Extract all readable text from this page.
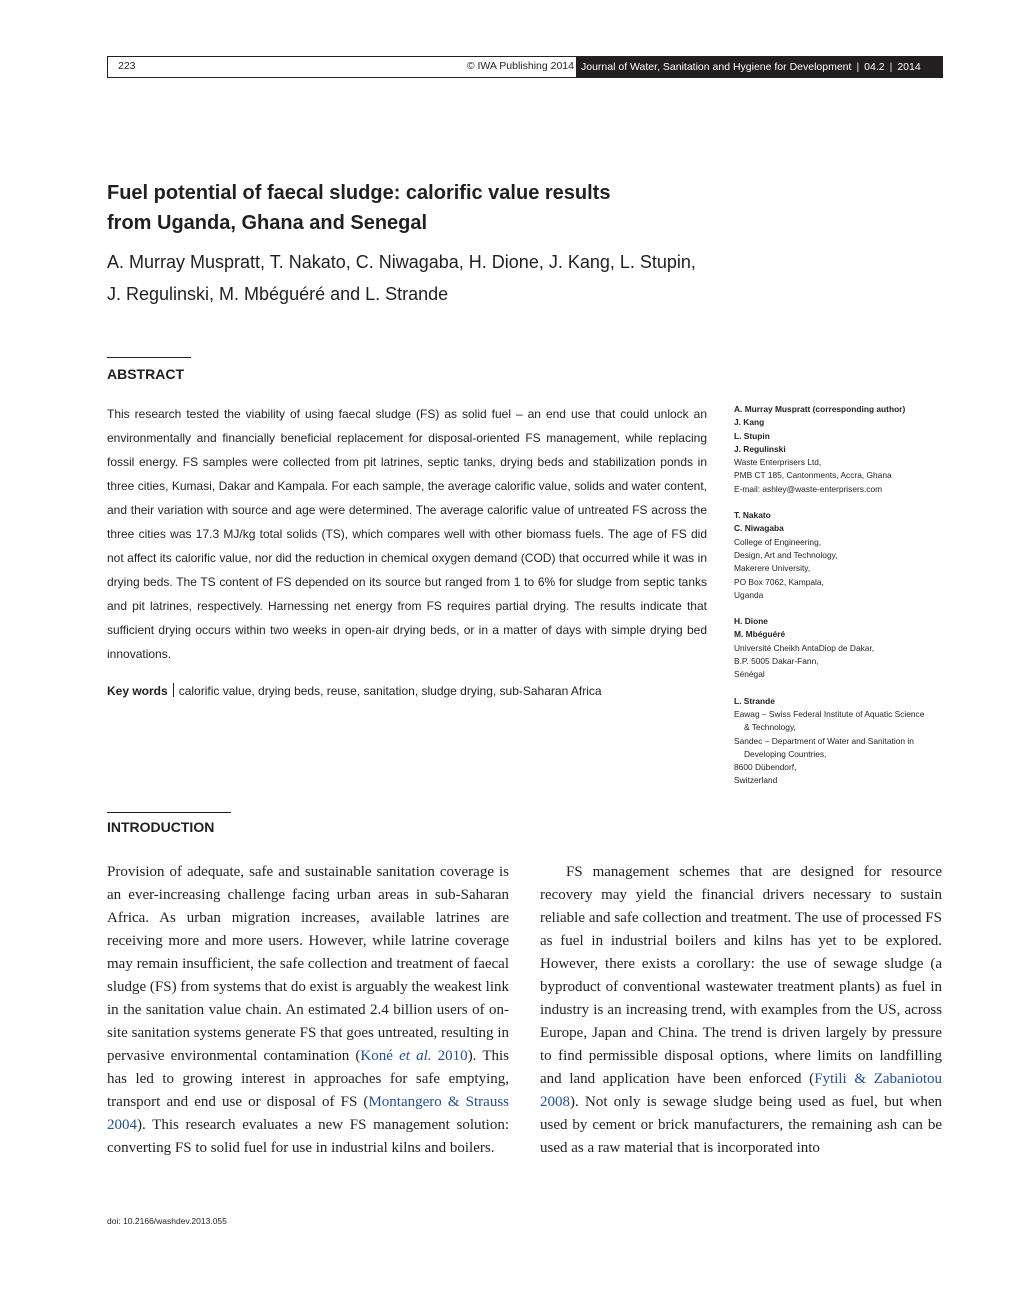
223	© IWA Publishing 2014 Journal of Water, Sanitation and Hygiene for Development | 04.2 | 2014
Fuel potential of faecal sludge: calorific value results
from Uganda, Ghana and Senegal

A. Murray Muspratt, T. Nakato, C. Niwagaba, H. Dione, J. Kang, L. Stupin,
J. Regulinski, M. Mbéguéré and L. Strande

ABSTRACT

This research tested the viability of using faecal sludge (FS) as solid fuel – an end use that could unlock an environmentally and financially beneficial replacement for disposal-oriented FS management, while replacing fossil energy. FS samples were collected from pit latrines, septic tanks, drying beds and stabilization ponds in three cities, Kumasi, Dakar and Kampala. For each sample, the average calorific value, solids and water content, and their variation with source and age were determined. The average calorific value of untreated FS across the three cities was 17.3 MJ/kg total solids (TS), which compares well with other biomass fuels. The age of FS did not affect its calorific value, nor did the reduction in chemical oxygen demand (COD) that occurred while it was in drying beds. The TS content of FS depended on its source but ranged from 1 to 6% for sludge from septic tanks and pit latrines, respectively. Harnessing net energy from FS requires partial drying. The results indicate that sufficient drying occurs within two weeks in open-air drying beds, or in a matter of days with simple drying bed innovations.

Key words calorific value, drying beds, reuse, sanitation, sludge drying, sub-Saharan Africa

A. Murray Muspratt (corresponding author)
J. Kang
L. Stupin
J. Regulinski
Waste Enterprisers Ltd,
PMB CT 185, Cantonments, Accra, Ghana
E-mail: ashley@waste-enterprisers.com
T. Nakato
C. Niwagaba
College of Engineering,
Design, Art and Technology,
Makerere University,
PO Box 7062, Kampala,
Uganda
H. Dione
M. Mbéguéré
Université Cheikh AntaDiop de Dakar,
B.P. 5005 Dakar-Fann,
Sénégal
L. Strande
Eawag – Swiss Federal Institute of Aquatic Science
& Technology,
Sandec – Department of Water and Sanitation in
Developing Countries,
8600 Dübendorf,
Switzerland
INTRODUCTION

Provision of adequate, safe and sustainable sanitation coverage is an ever-increasing challenge facing urban areas in sub-Saharan Africa. As urban migration increases, available latrines are receiving more and more users. However, while latrine coverage may remain insufficient, the safe collection and treatment of faecal sludge (FS) from systems that do exist is arguably the weakest link in the sanitation value chain. An estimated 2.4 billion users of on-site sanitation systems generate FS that goes untreated, resulting in pervasive environmental contamination (Koné et al. 2010). This has led to growing interest in approaches for safe emptying, transport and end use or disposal of FS (Montangero & Strauss 2004). This research evaluates a new FS management solution: converting FS to solid fuel for use in industrial kilns and boilers.

FS management schemes that are designed for resource recovery may yield the financial drivers necessary to sustain reliable and safe collection and treatment. The use of processed FS as fuel in industrial boilers and kilns has yet to be explored. However, there exists a corollary: the use of sewage sludge (a byproduct of conventional wastewater treatment plants) as fuel in industry is an increasing trend, with examples from the US, across Europe, Japan and China. The trend is driven largely by pressure to find permissible disposal options, where limits on landfilling and land application have been enforced (Fytili & Zabaniotou 2008). Not only is sewage sludge being used as fuel, but when used by cement or brick manufacturers, the remaining ash can be used as a raw material that is incorporated into

doi: 10.2166/washdev.2013.055
